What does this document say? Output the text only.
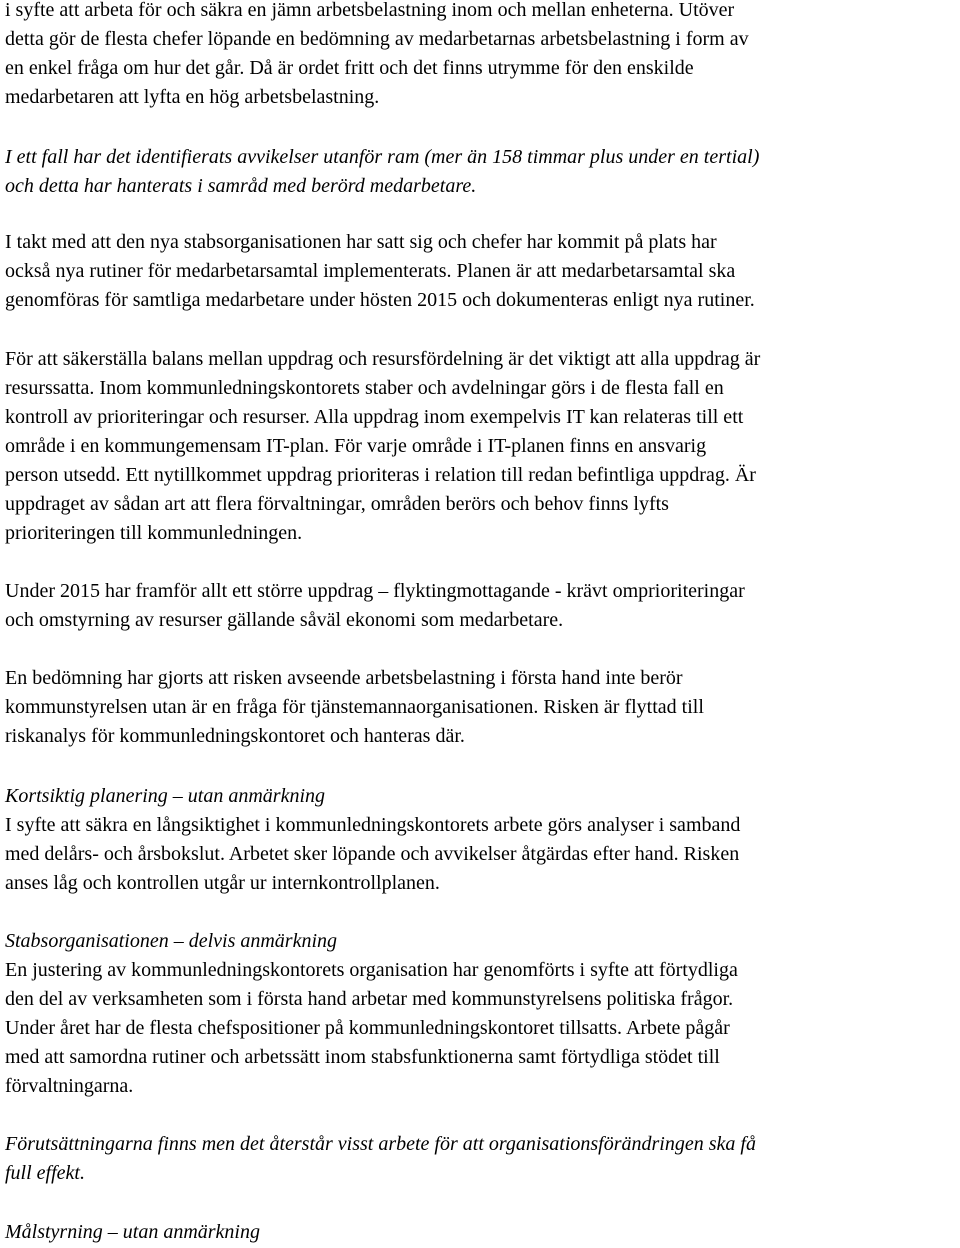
i syfte att arbeta för och säkra en jämn arbetsbelastning inom och mellan enheterna. Utöver
detta gör de flesta chefer löpande en bedömning av medarbetarnas arbetsbelastning i form av
en enkel fråga om hur det går. Då är ordet fritt och det finns utrymme för den enskilde
medarbetaren att lyfta en hög arbetsbelastning.

I ett fall har det identifierats avvikelser utanför ram (mer än 158 timmar plus under en tertial)
och detta har hanterats i samråd med berörd medarbetare.

I takt med att den nya stabsorganisationen har satt sig och chefer har kommit på plats har
också nya rutiner för medarbetarsamtal implementerats. Planen är att medarbetarsamtal ska
genomföras för samtliga medarbetare under hösten 2015 och dokumenteras enligt nya rutiner.

För att säkerställa balans mellan uppdrag och resursfördelning är det viktigt att alla uppdrag är
resurssatta. Inom kommunledningskontorets staber och avdelningar görs i de flesta fall en
kontroll av prioriteringar och resurser. Alla uppdrag inom exempelvis IT kan relateras till ett
område i en kommungemensam IT-plan. För varje område i IT-planen finns en ansvarig
person utsedd. Ett nytillkommet uppdrag prioriteras i relation till redan befintliga uppdrag. Är
uppdraget av sådan art att flera förvaltningar, områden berörs och behov finns lyfts
prioriteringen till kommunledningen.

Under 2015 har framför allt ett större uppdrag – flyktingmottagande - krävt omprioriteringar
och omstyrning av resurser gällande såväl ekonomi som medarbetare.

En bedömning har gjorts att risken avseende arbetsbelastning i första hand inte berör
kommunstyrelsen utan är en fråga för tjänstemannaorganisationen. Risken är flyttad till
riskanalys för kommunledningskontoret och hanteras där.

Kortsiktig planering – utan anmärkning

I syfte att säkra en långsiktighet i kommunledningskontorets arbete görs analyser i samband
med delårs- och årsbokslut. Arbetet sker löpande och avvikelser åtgärdas efter hand. Risken
anses låg och kontrollen utgår ur internkontrollplanen.

Stabsorganisationen – delvis anmärkning

En justering av kommunledningskontorets organisation har genomförts i syfte att förtydliga
den del av verksamheten som i första hand arbetar med kommunstyrelsens politiska frågor.
Under året har de flesta chefspositioner på kommunledningskontoret tillsatts. Arbete pågår
med att samordna rutiner och arbetssätt inom stabsfunktionerna samt förtydliga stödet till
förvaltningarna.

Förutsättningarna finns men det återstår visst arbete för att organisationsförändringen ska få
full effekt.

Målstyrning – utan anmärkning
